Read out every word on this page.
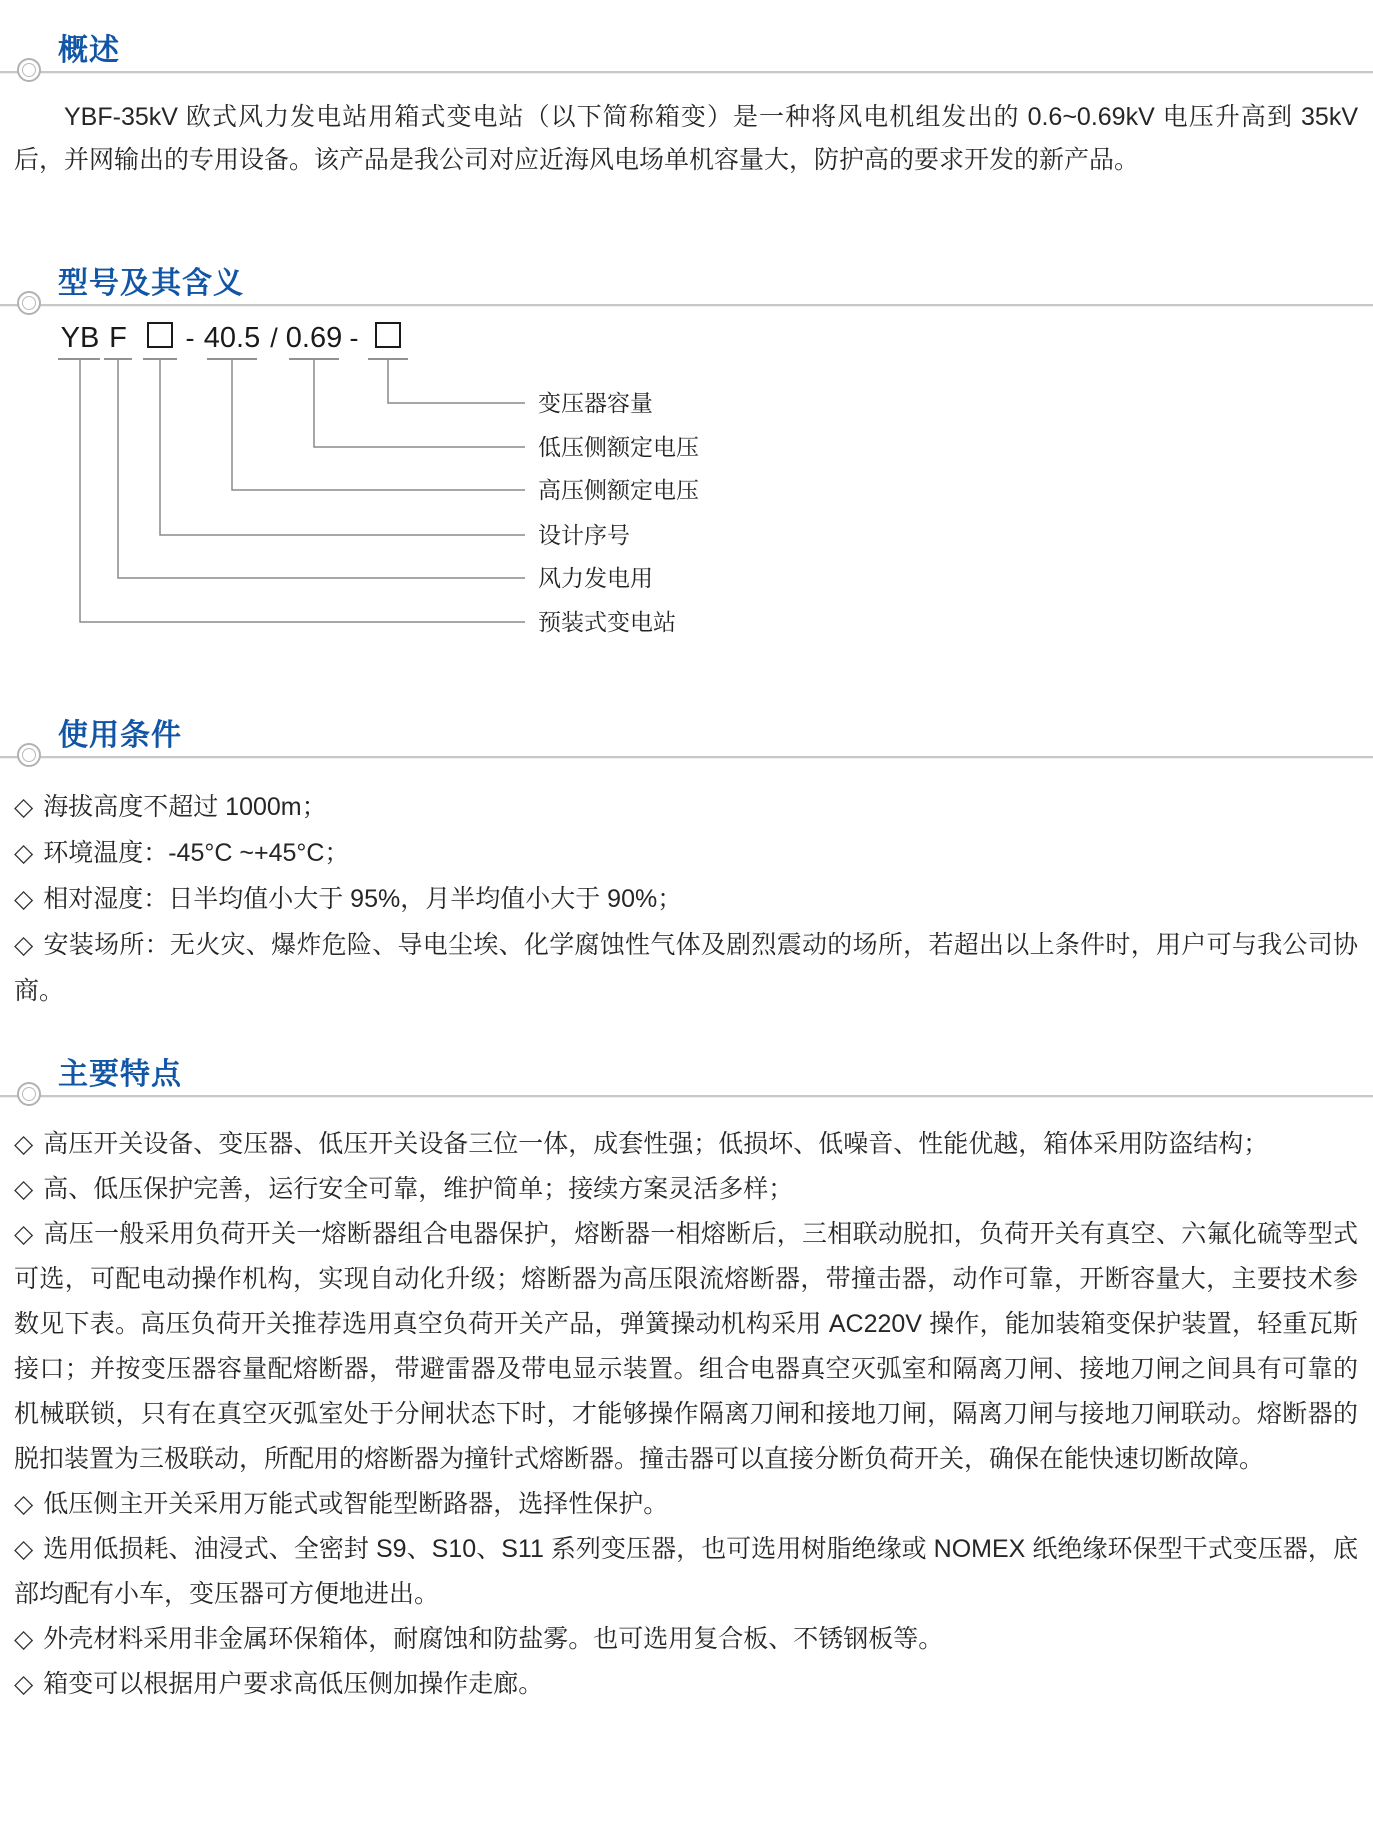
概述

YBF-35kV 欧式风力发电站用箱式变电站（以下简称箱变）是一种将风电机组发出的 0.6~0.69kV 电压升高到 35kV 后，并网输出的专用设备。该产品是我公司对应近海风电场单机容量大，防护高的要求开发的新产品。

型号及其含义
YB F - 40.5 / 0.69 -
变压器容量
低压侧额定电压
高压侧额定电压
设计序号
风力发电用
预装式变电站
使用条件
◇ 海拔高度不超过 1000m；
◇ 环境温度：-45°C ~+45°C；
◇ 相对湿度：日半均值小大于 95%，月半均值小大于 90%；
◇ 安装场所：无火灾、爆炸危险、导电尘埃、化学腐蚀性气体及剧烈震动的场所，若超出以上条件时，用户可与我公司协商。
主要特点
◇ 高压开关设备、变压器、低压开关设备三位一体，成套性强；低损坏、低噪音、性能优越，箱体采用防盗结构；
◇ 高、低压保护完善，运行安全可靠，维护简单；接续方案灵活多样；
◇ 高压一般采用负荷开关一熔断器组合电器保护，熔断器一相熔断后，三相联动脱扣，负荷开关有真空、六氟化硫等型式可选，可配电动操作机构，实现自动化升级；熔断器为高压限流熔断器，带撞击器，动作可靠，开断容量大，主要技术参数见下表。高压负荷开关推荐选用真空负荷开关产品，弹簧操动机构采用 AC220V 操作，能加装箱变保护装置，轻重瓦斯接口；并按变压器容量配熔断器，带避雷器及带电显示装置。组合电器真空灭弧室和隔离刀闸、接地刀闸之间具有可靠的机械联锁，只有在真空灭弧室处于分闸状态下时，才能够操作隔离刀闸和接地刀闸，隔离刀闸与接地刀闸联动。熔断器的脱扣装置为三极联动，所配用的熔断器为撞针式熔断器。撞击器可以直接分断负荷开关，确保在能快速切断故障。
◇ 低压侧主开关采用万能式或智能型断路器，选择性保护。
◇ 选用低损耗、油浸式、全密封 S9、S10、S11 系列变压器，也可选用树脂绝缘或 NOMEX 纸绝缘环保型干式变压器，底部均配有小车，变压器可方便地进出。
◇ 外壳材料采用非金属环保箱体，耐腐蚀和防盐雾。也可选用复合板、不锈钢板等。
◇ 箱变可以根据用户要求高低压侧加操作走廊。
